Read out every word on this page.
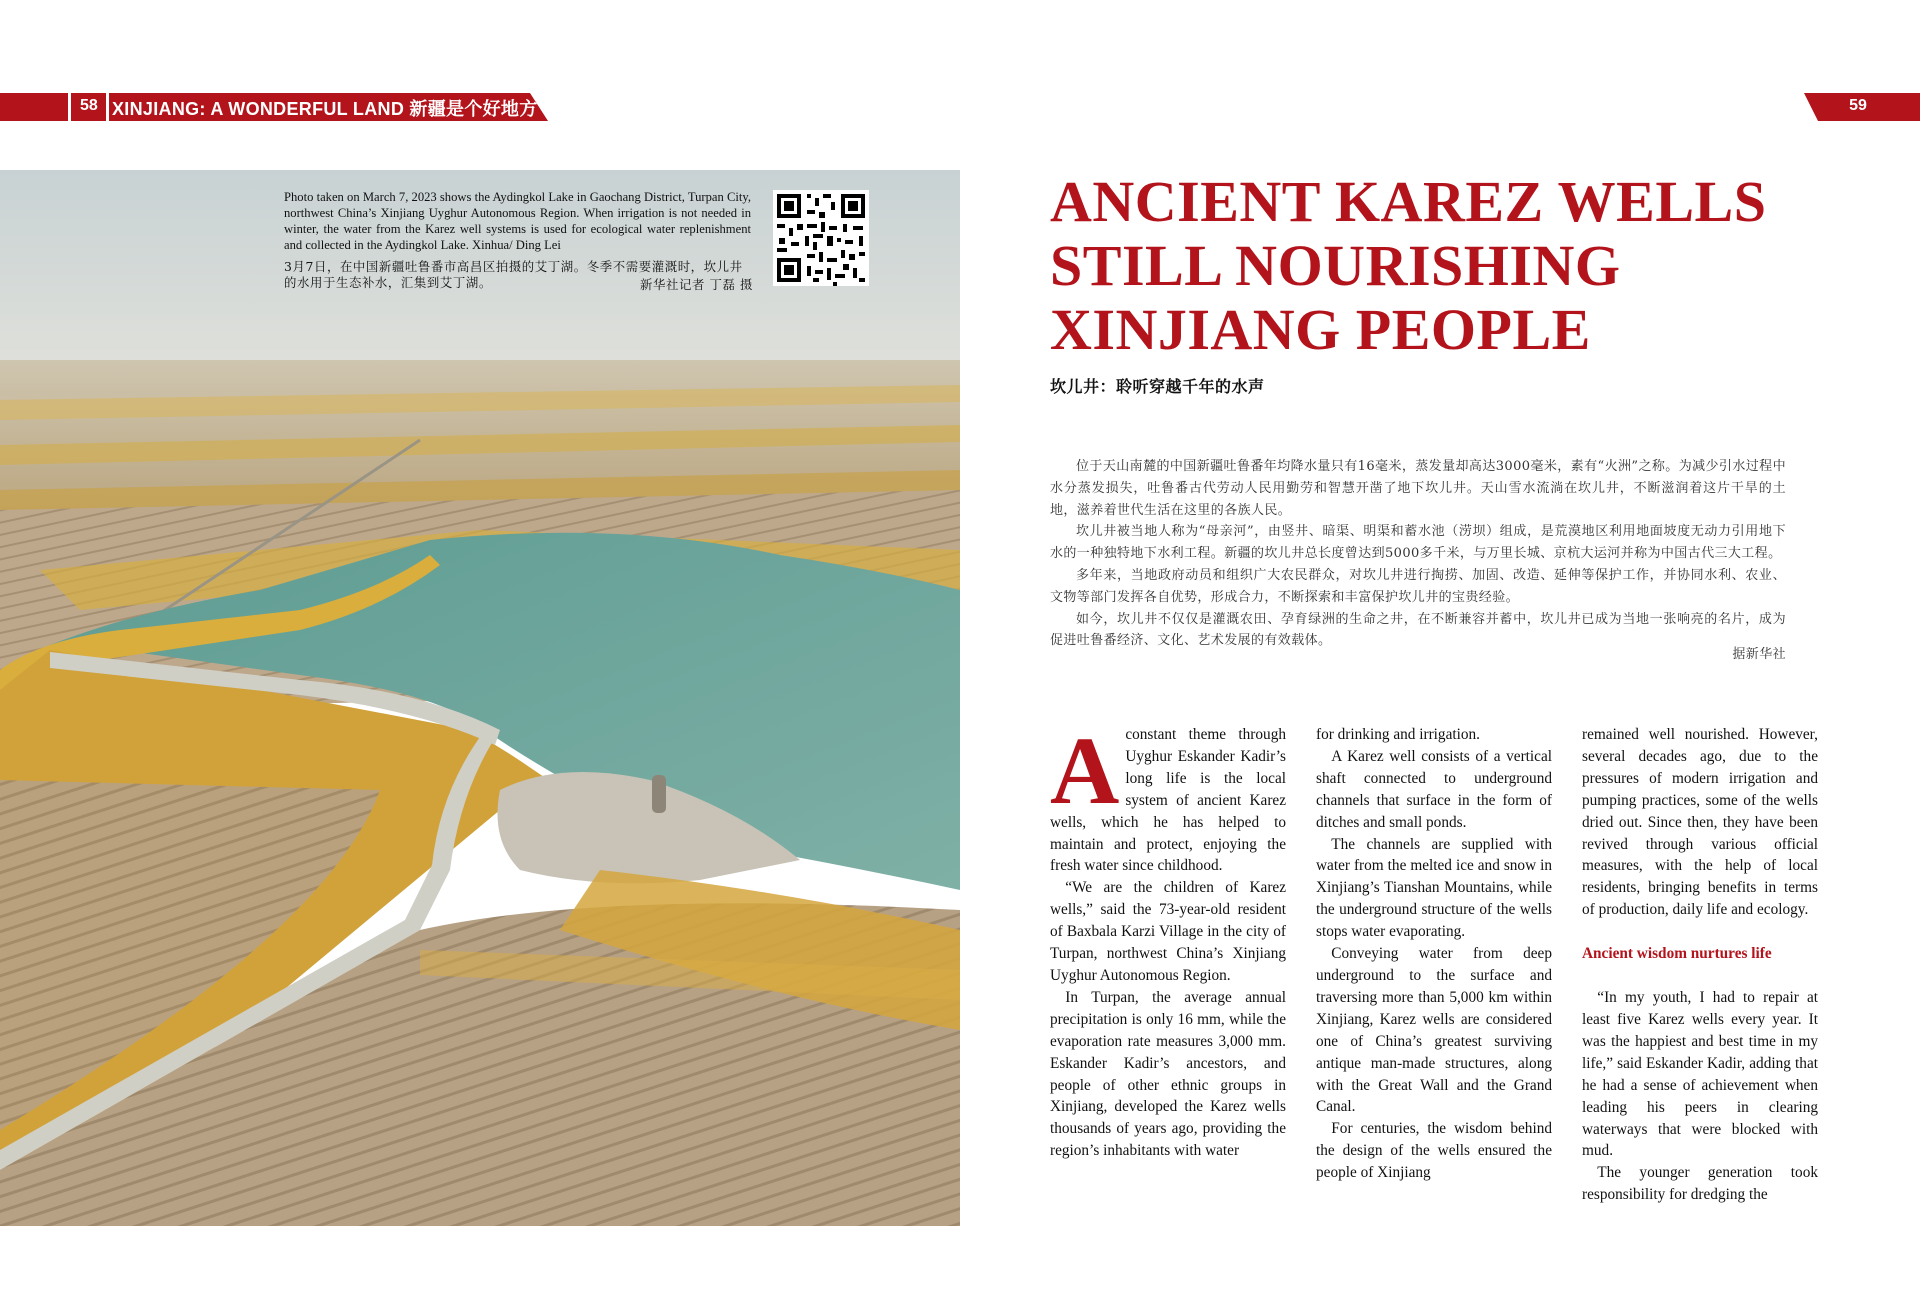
58 XINJIANG: A WONDERFUL LAND 新疆是个好地方	59
Photo taken on March 7, 2023 shows the Aydingkol Lake in Gaochang District, Turpan City, northwest China’s Xinjiang Uyghur Autonomous Region. When irrigation is not needed in winter, the water from the Karez well systems is used for ecological water replenishment and collected in the Aydingkol Lake. Xinhua/ Ding Lei
3月7日，在中国新疆吐鲁番市高昌区拍摄的艾丁湖。冬季不需要灌溉时，坎儿井的水用于生态补水，汇集到艾丁湖。	新华社记者 丁磊 摄
ANCIENT KAREZ WELLS STILL NOURISHING XINJIANG PEOPLE
坎儿井：聆听穿越千年的水声

位于天山南麓的中国新疆吐鲁番年均降水量只有16毫米，蒸发量却高达3000毫米，素有“火洲”之称。为减少引水过程中水分蒸发损失，吐鲁番古代劳动人民用勤劳和智慧开凿了地下坎儿井。天山雪水流淌在坎儿井，不断滋润着这片干旱的土地，滋养着世代生活在这里的各族人民。

坎儿井被当地人称为“母亲河”，由竖井、暗渠、明渠和蓄水池（涝坝）组成，是荒漠地区利用地面坡度无动力引用地下水的一种独特地下水利工程。新疆的坎儿井总长度曾达到5000多千米，与万里长城、京杭大运河并称为中国古代三大工程。

多年来，当地政府动员和组织广大农民群众，对坎儿井进行掏捞、加固、改造、延伸等保护工作，并协同水利、农业、文物等部门发挥各自优势，形成合力，不断探索和丰富保护坎儿井的宝贵经验。

如今，坎儿井不仅仅是灌溉农田、孕育绿洲的生命之井，在不断兼容并蓄中，坎儿井已成为当地一张响亮的名片，成为促进吐鲁番经济、文化、艺术发展的有效载体。

据新华社

Aconstant theme through Uyghur Eskander Kadir’s long life is the local system of ancient Karez wells, which he has helped to maintain and protect, enjoying the fresh water since childhood.

“We are the children of Karez wells,” said the 73-year-old resident of Baxbala Karzi Village in the city of Turpan, northwest China’s Xinjiang Uyghur Autonomous Region.

In Turpan, the average annual precipitation is only 16 mm, while the evaporation rate measures 3,000 mm. Eskander Kadir’s ancestors, and people of other ethnic groups in Xinjiang, developed the Karez wells thousands of years ago, providing the region’s inhabitants with water

for drinking and irrigation.

A Karez well consists of a vertical shaft connected to underground channels that surface in the form of ditches and small ponds.

The channels are supplied with water from the melted ice and snow in Xinjiang’s Tianshan Mountains, while the underground structure of the wells stops water evaporating.

Conveying water from deep underground to the surface and traversing more than 5,000 km within Xinjiang, Karez wells are considered one of China’s greatest surviving antique man-made structures, along with the Great Wall and the Grand Canal.

For centuries, the wisdom behind the design of the wells ensured the people of Xinjiang

remained well nourished. However, several decades ago, due to the pressures of modern irrigation and pumping practices, some of the wells dried out. Since then, they have been revived through various official measures, with the help of local residents, bringing benefits in terms of production, daily life and ecology.

Ancient wisdom nurtures life

“In my youth, I had to repair at least five Karez wells every year. It was the happiest and best time in my life,” said Eskander Kadir, adding that he had a sense of achievement when leading his peers in clearing waterways that were blocked with mud.

The younger generation took responsibility for dredging the
